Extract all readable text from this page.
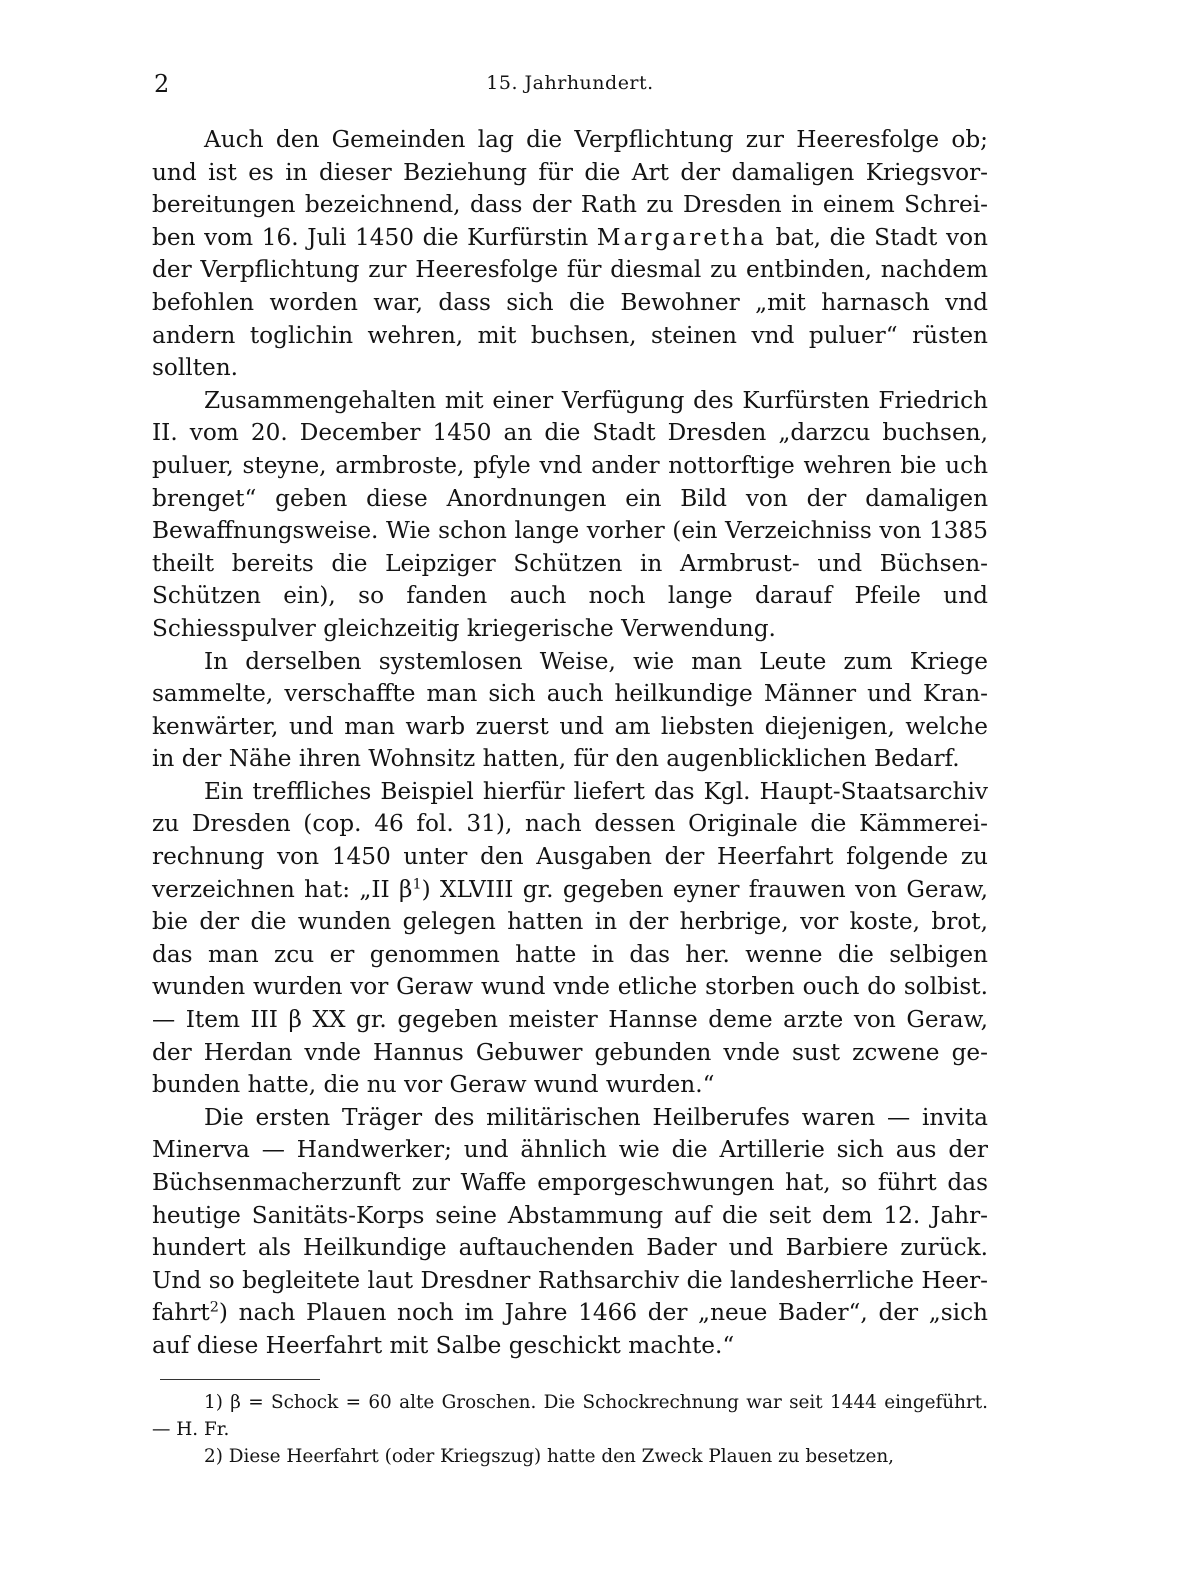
2	15. Jahrhundert.

Auch den Gemeinden lag die Verpflichtung zur Heeresfolge ob; und ist es in dieser Beziehung für die Art der damaligen Kriegsvorbereitungen bezeichnend, dass der Rath zu Dresden in einem Schreiben vom 16. Juli 1450 die Kurfürstin Margaretha bat, die Stadt von der Verpflichtung zur Heeresfolge für diesmal zu entbinden, nachdem befohlen worden war, dass sich die Bewohner „mit harnasch vnd andern toglichin wehren, mit buchsen, steinen vnd puluer“ rüsten sollten.

Zusammengehalten mit einer Verfügung des Kurfürsten Friedrich II. vom 20. December 1450 an die Stadt Dresden „darzcu buchsen, puluer, steyne, armbroste, pfyle vnd ander nottorftige wehren bie uch brenget“ geben diese Anordnungen ein Bild von der damaligen Bewaffnungsweise. Wie schon lange vorher (ein Verzeichniss von 1385 theilt bereits die Leipziger Schützen in Armbrust- und Büchsen-Schützen ein), so fanden auch noch lange darauf Pfeile und Schiesspulver gleichzeitig kriegerische Verwendung.

In derselben systemlosen Weise, wie man Leute zum Kriege sammelte, verschaffte man sich auch heilkundige Männer und Krankenwärter, und man warb zuerst und am liebsten diejenigen, welche in der Nähe ihren Wohnsitz hatten, für den augenblicklichen Bedarf.

Ein treffliches Beispiel hierfür liefert das Kgl. Haupt-Staatsarchiv zu Dresden (cop. 46 fol. 31), nach dessen Originale die Kämmereirechnung von 1450 unter den Ausgaben der Heerfahrt folgende zu verzeichnen hat: „II $\beta^1$) XLVIII gr. gegeben eyner frauwen von Geraw, bie der die wunden gelegen hatten in der herbrige, vor koste, brot, das man zcu er genommen hatte in das her. wenne die selbigen wunden wurden vor Geraw wund vnde etliche storben ouch do solbist. — Item III β XX gr. gegeben meister Hannse deme arzte von Geraw, der Herdan vnde Hannus Gebuwer gebunden vnde sust zcwene gebunden hatte, die nu vor Geraw wund wurden.“

Die ersten Träger des militärischen Heilberufes waren — invita Minerva — Handwerker; und ähnlich wie die Artillerie sich aus der Büchsenmacherzunft zur Waffe emporgeschwungen hat, so führt das heutige Sanitäts-Korps seine Abstammung auf die seit dem 12. Jahrhundert als Heilkundige auftauchenden Bader und Barbiere zurück. Und so begleitete laut Dresdner Rathsarchiv die landesherrliche Heerfahrt$^2$) nach Plauen noch im Jahre 1466 der „neue Bader“, der „sich auf diese Heerfahrt mit Salbe geschickt machte.“

1) β = Schock = 60 alte Groschen. Die Schockrechnung war seit 1444 eingeführt. — H. Fr.

2) Diese Heerfahrt (oder Kriegszug) hatte den Zweck Plauen zu besetzen,
